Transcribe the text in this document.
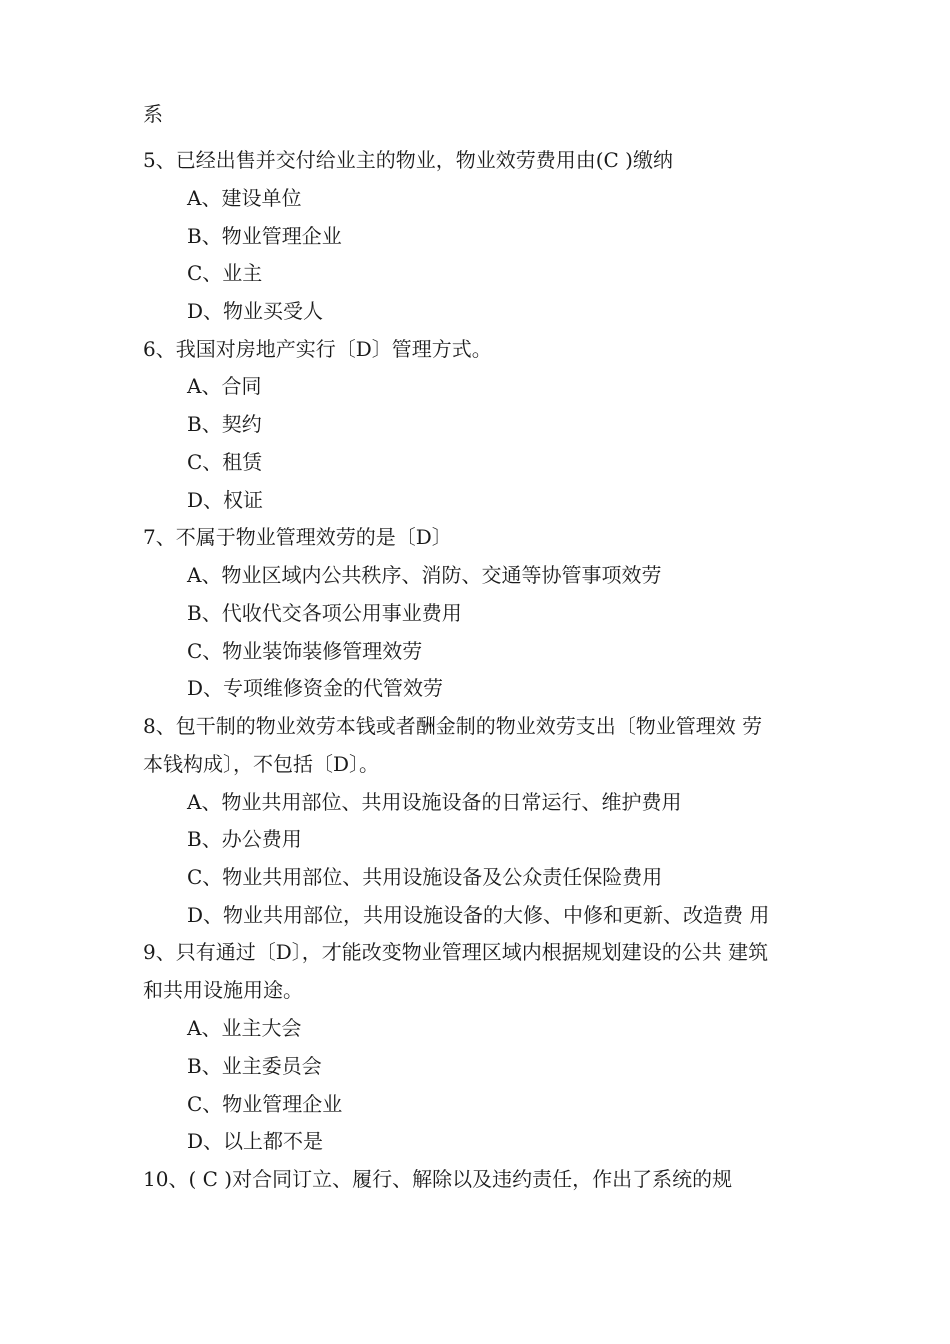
系
5、已经出售并交付给业主的物业，物业效劳费用由(C )缴纳
A、建设单位
B、物业管理企业
C、业主
D、物业买受人
6、我国对房地产实行〔D〕管理方式。
A、合同
B、契约
C、租赁
D、权证
7、不属于物业管理效劳的是〔D〕
A、物业区域内公共秩序、消防、交通等协管事项效劳
B、代收代交各项公用事业费用
C、物业装饰装修管理效劳
D、专项维修资金的代管效劳
8、包干制的物业效劳本钱或者酬金制的物业效劳支出〔物业管理效 劳
本钱构成〕，不包括〔D〕。
A、物业共用部位、共用设施设备的日常运行、维护费用
B、办公费用
C、物业共用部位、共用设施设备及公众责任保险费用
D、物业共用部位，共用设施设备的大修、中修和更新、改造费 用
9、只有通过〔D〕，才能改变物业管理区域内根据规划建设的公共 建筑
和共用设施用途。
A、业主大会
B、业主委员会
C、物业管理企业
D、以上都不是
10、( C )对合同订立、履行、解除以及违约责任，作出了系统的规
